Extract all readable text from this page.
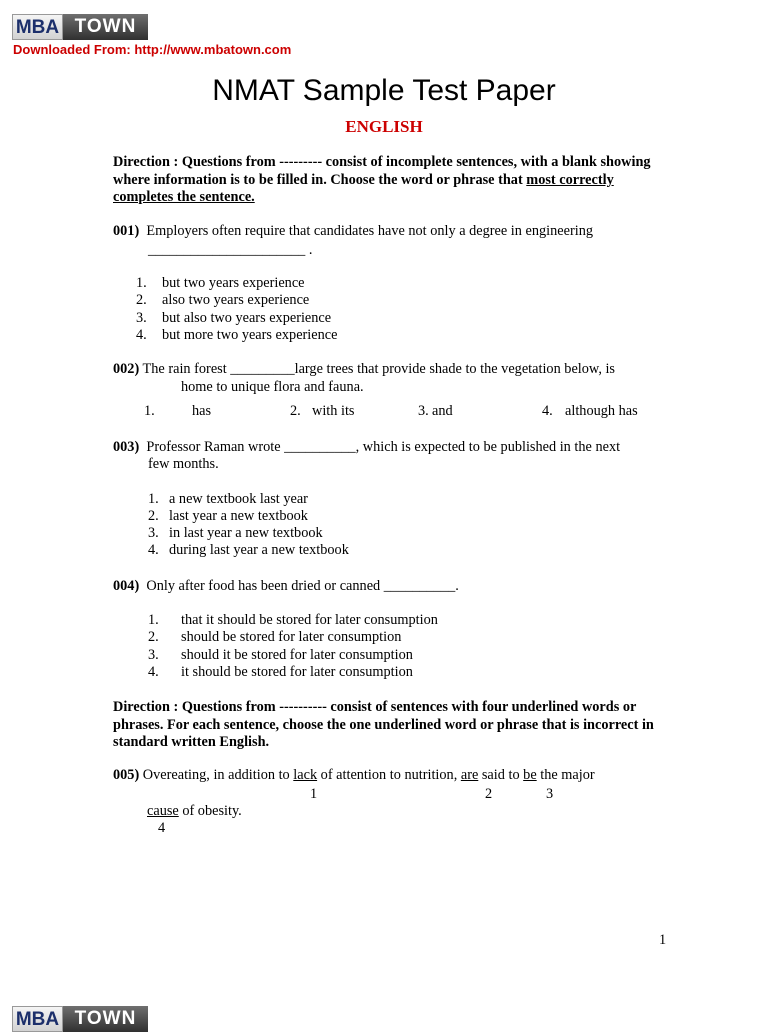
MBA TOWN
Downloaded From: http://www.mbatown.com
NMAT Sample Test Paper
ENGLISH
Direction : Questions from --------- consist of incomplete sentences, with a blank showing where information is to be filled in. Choose the word or phrase that most correctly completes the sentence.
001) Employers often require that candidates have not only a degree in engineering
______________________ .
1. but two years experience
2. also two years experience
3. but also two years experience
4. but more two years experience
002) The rain forest _________large trees that provide shade to the vegetation below, is
home to unique flora and fauna.
1.	has	2. with its	3. and	4. although has
003) Professor Raman wrote __________, which is expected to be published in the next
few months.
1. a new textbook last year
2. last year a new textbook
3. in last year a new textbook
4. during last year a new textbook
004) Only after food has been dried or canned __________.
1. that it should be stored for later consumption
2. should be stored for later consumption
3. should it be stored for later consumption
4. it should be stored for later consumption
Direction : Questions from ---------- consist of sentences with four underlined words or phrases. For each sentence, choose the one underlined word or phrase that is incorrect in standard written English.
005) Overeating, in addition to lack of attention to nutrition, are said to be the major
1	2	3
cause of obesity.
4
1
MBA TOWN
